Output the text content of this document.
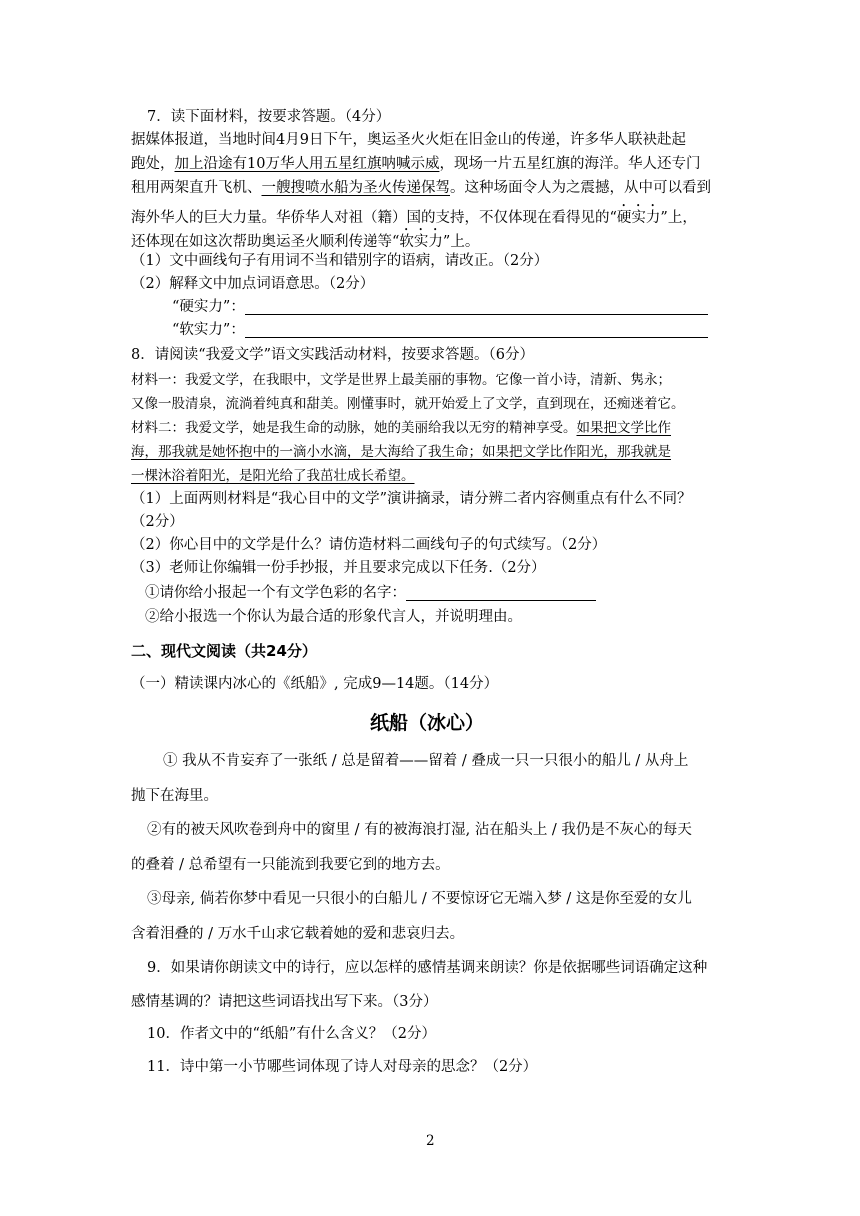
7．读下面材料，按要求答题。（4分）
据媒体报道，当地时间4月9日下午，奥运圣火火炬在旧金山的传递，许多华人联袂赴起
跑处，加上沿途有10万华人用五星红旗呐喊示威，现场一片五星红旗的海洋。华人还专门
租用两架直升飞机、一艘搜喷水船为圣火传递保驾。这种场面令人为之震撼，从中可以看到
海外华人的巨大力量。华侨华人对祖（籍）国的支持，不仅体现在看得见的“硬实力”上，
还体现在如这次帮助奥运圣火顺利传递等“软实力”上。
（1）文中画线句子有用词不当和错别字的语病，请改正。（2分）
（2）解释文中加点词语意思。（2分）
“硬实力”：
“软实力”：
8．请阅读“我爱文学”语文实践活动材料，按要求答题。（6分）
材料一：我爱文学，在我眼中，文学是世界上最美丽的事物。它像一首小诗，清新、隽永；
又像一股清泉，流淌着纯真和甜美。刚懂事时，就开始爱上了文学，直到现在，还痴迷着它。
材料二：我爱文学，她是我生命的动脉，她的美丽给我以无穷的精神享受。如果把文学比作
海，那我就是她怀抱中的一滴小水滴，是大海给了我生命；如果把文学比作阳光，那我就是
一棵沐浴着阳光，是阳光给了我茁壮成长希望。
（1）上面两则材料是“我心目中的文学”演讲摘录，请分辨二者内容侧重点有什么不同？
（2分）
（2）你心目中的文学是什么？请仿造材料二画线句子的句式续写。（2分）
（3）老师让你编辑一份手抄报，并且要求完成以下任务.（2分）
①请你给小报起一个有文学色彩的名字：
②给小报选一个你认为最合适的形象代言人，并说明理由。
二、现代文阅读（共24分）
（一）精读课内冰心的《纸船》, 完成9—14题。（14分）
纸船（冰心）
① 我从不肯妄弃了一张纸 / 总是留着——留着 / 叠成一只一只很小的船儿 / 从舟上
抛下在海里。
②有的被天风吹卷到舟中的窗里 / 有的被海浪打湿, 沾在船头上 / 我仍是不灰心的每天
的叠着 / 总希望有一只能流到我要它到的地方去。
③母亲, 倘若你梦中看见一只很小的白船儿 / 不要惊讶它无端入梦 / 这是你至爱的女儿
含着泪叠的 / 万水千山求它载着她的爱和悲哀归去。
9．如果请你朗读文中的诗行，应以怎样的感情基调来朗读？你是依据哪些词语确定这种
感情基调的？请把这些词语找出写下来。（3分）
10．作者文中的“纸船”有什么含义？（2分）
11．诗中第一小节哪些词体现了诗人对母亲的思念？（2分）
2
